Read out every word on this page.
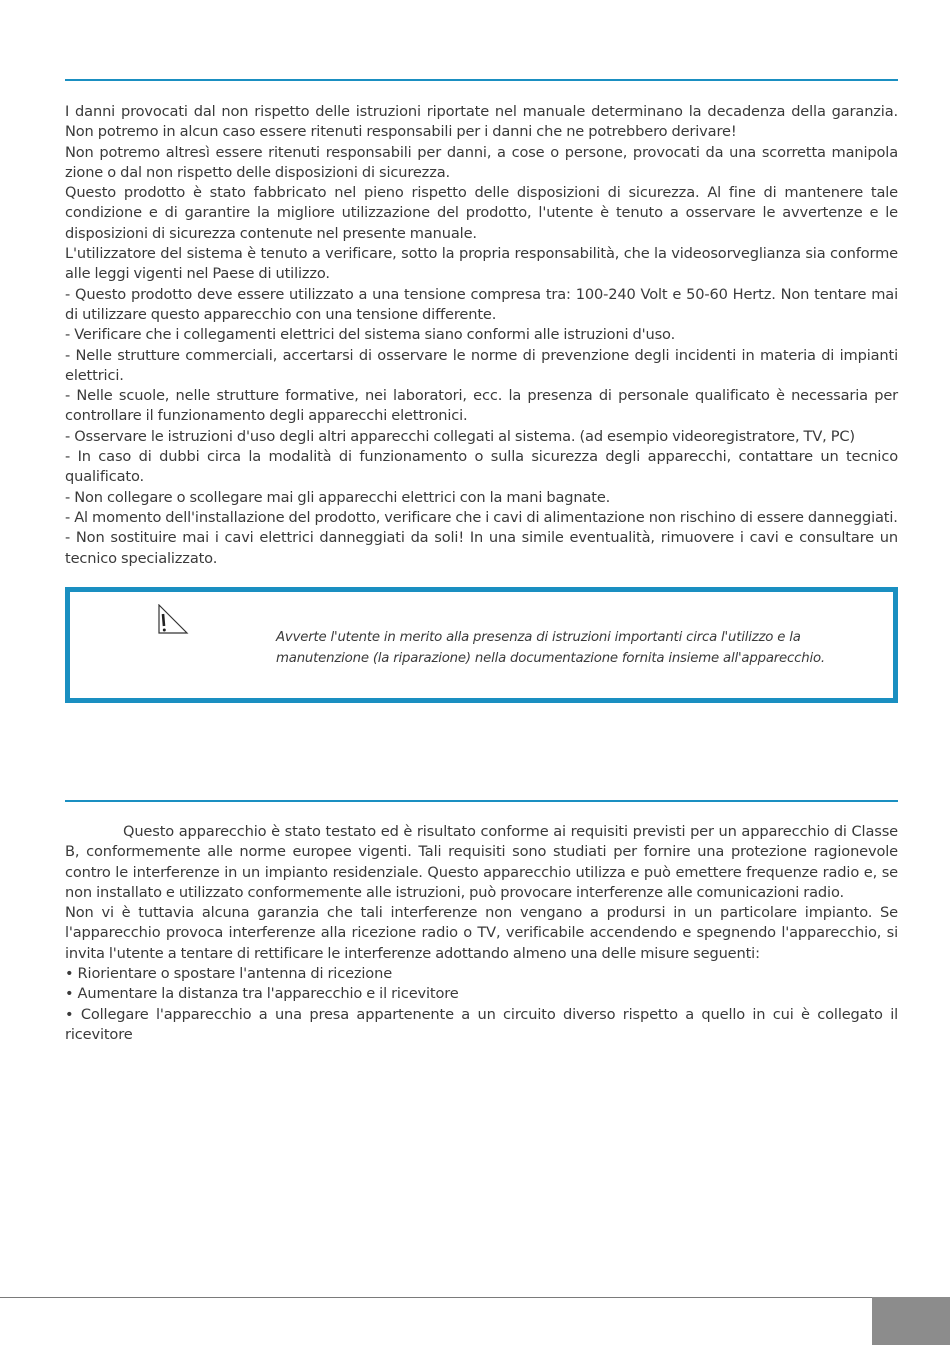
I danni provocati dal non rispetto delle istruzioni riportate nel manuale determinano la decadenza della garanzia. Non potremo in alcun caso essere ritenuti responsabili per i danni che ne potrebbero derivare!

Non potremo altresì essere ritenuti responsabili per danni, a cose o persone, provocati da una scorretta manipola zione o dal non rispetto delle disposizioni di sicurezza.

Questo prodotto è stato fabbricato nel pieno rispetto delle disposizioni di sicurezza. Al fine di mantenere tale condizione e di garantire la migliore utilizzazione del prodotto, l'utente è tenuto a osservare le avvertenze e le disposizioni di sicurezza contenute nel presente manuale.

L'utilizzatore del sistema è tenuto a verificare, sotto la propria responsabilità, che la videosorveglianza sia conforme alle leggi vigenti nel Paese di utilizzo.

- Questo prodotto deve essere utilizzato a una tensione compresa tra: 100-240 Volt e 50-60 Hertz. Non tentare mai di utilizzare questo apparecchio con una tensione differente.

- Verificare che i collegamenti elettrici del sistema siano conformi alle istruzioni d'uso.

- Nelle strutture commerciali, accertarsi di osservare le norme di prevenzione degli incidenti in materia di impianti elettrici.

- Nelle scuole, nelle strutture formative, nei laboratori, ecc. la presenza di personale qualificato è necessaria per controllare il funzionamento degli apparecchi elettronici.

- Osservare le istruzioni d'uso degli altri apparecchi collegati al sistema. (ad esempio videoregistratore, TV, PC)

- In caso di dubbi circa la modalità di funzionamento o sulla sicurezza degli apparecchi, contattare un tecnico qualificato.

- Non collegare o scollegare mai gli apparecchi elettrici con la mani bagnate.

- Al momento dell'installazione del prodotto, verificare che i cavi di alimentazione non rischino di essere danneggiati.

- Non sostituire mai i cavi elettrici danneggiati da soli! In una simile eventualità, rimuovere i cavi e consultare un tecnico specializzato.

Avverte l'utente in merito alla presenza di istruzioni importanti circa l'utilizzo e la manutenzione (la riparazione) nella documentazione fornita insieme all'apparecchio.

Questo apparecchio è stato testato ed è risultato conforme ai requisiti previsti per un apparecchio di Classe B, conformemente alle norme europee vigenti. Tali requisiti sono studiati per fornire una protezione ragionevole contro le interferenze in un impianto residenziale. Questo apparecchio utilizza e può emettere frequenze radio e, se non installato e utilizzato conformemente alle istruzioni, può provocare interferenze alle comunicazioni radio.

Non vi è tuttavia alcuna garanzia che tali interferenze non vengano a prodursi in un particolare impianto. Se l'apparecchio provoca interferenze alla ricezione radio o TV, verificabile accendendo e spegnendo l'apparecchio, si invita l'utente a tentare di rettificare le interferenze adottando almeno una delle misure seguenti:

• Riorientare o spostare l'antenna di ricezione

• Aumentare la distanza tra l'apparecchio e il ricevitore

• Collegare l'apparecchio a una presa appartenente a un circuito diverso rispetto a quello in cui è collegato il ricevitore
